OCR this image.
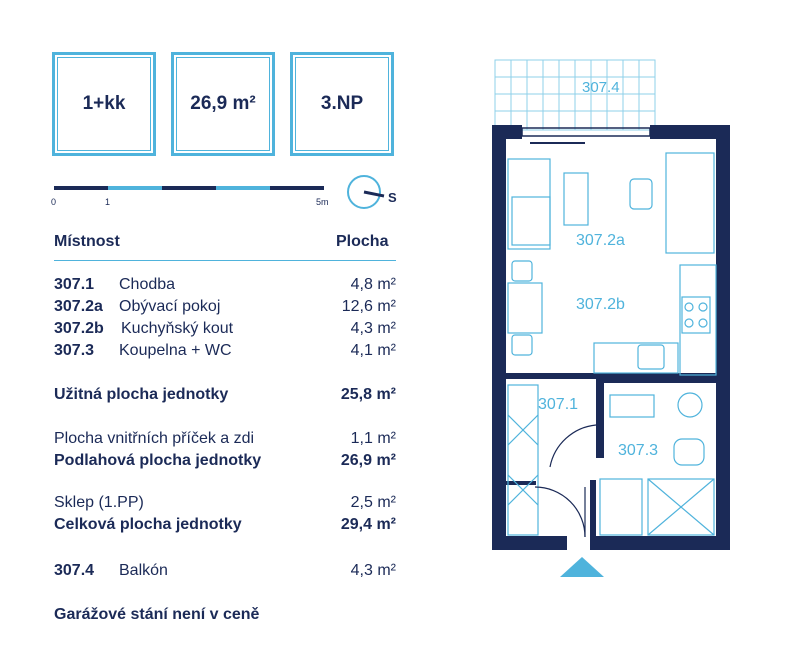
1+kk	26,9 m²	3.NP
0	1	5m	S
Místnost	Plocha
307.1 Chodba	4,8 m²
307.2a Obývací pokoj	12,6 m²
307.2b Kuchyňský kout	4,3 m²
307.3 Koupelna + WC	4,1 m²
Užitná plocha jednotky	25,8 m²
Plocha vnitřních příček a zdi	1,1 m²
Podlahová plocha jednotky	26,9 m²
Sklep (1.PP)	2,5 m²
Celková plocha jednotky	29,4 m²
307.4 Balkón	4,3 m²
Garážové stání není v ceně
307.4
307.2a
307.2b
307.1
307.3
